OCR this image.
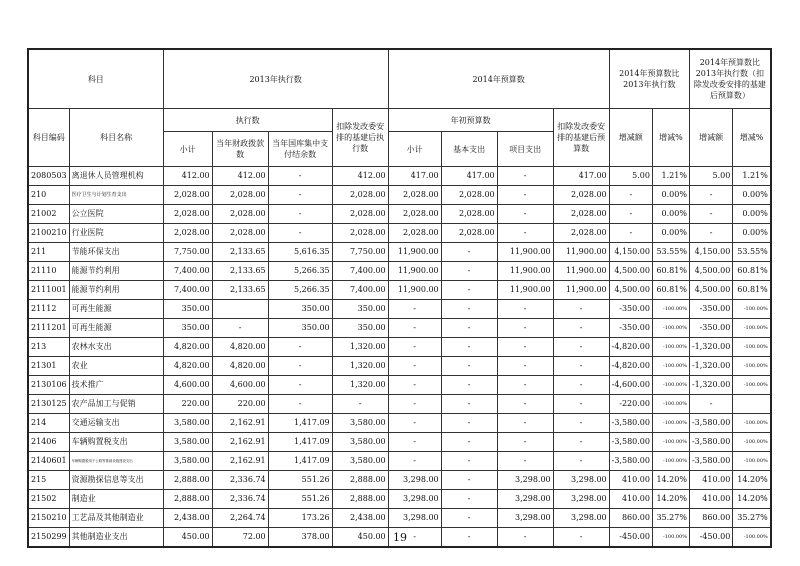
科目		2013年执行数				2014年预算数				2014年预算数比2013年执行数		2014年预算数比2013年执行数（扣除发改委安排的基建后预算数）	
科目编码	科目名称	执行数			扣除发改委安排的基建后执行数	年初预算数			扣除发改委安排的基建后预算数	增减额	增减%	增减额	增减%
		小计	当年财政拨款数	当年国库集中支付结余数		小计	基本支出	项目支出					
2080503	离退休人员管理机构	412.00	412.00	-	412.00	417.00	417.00	-	417.00	5.00	1.21%	5.00	1.21%
210	医疗卫生与计划生育支出	2,028.00	2,028.00	-	2,028.00	2,028.00	2,028.00	-	2,028.00	-	0.00%	-	0.00%
21002	公立医院	2,028.00	2,028.00	-	2,028.00	2,028.00	2,028.00	-	2,028.00	-	0.00%	-	0.00%
2100210	行业医院	2,028.00	2,028.00	-	2,028.00	2,028.00	2,028.00	-	2,028.00	-	0.00%	-	0.00%
211	节能环保支出	7,750.00	2,133.65	5,616.35	7,750.00	11,900.00	-	11,900.00	11,900.00	4,150.00	53.55%	4,150.00	53.55%
21110	能源节约利用	7,400.00	2,133.65	5,266.35	7,400.00	11,900.00	-	11,900.00	11,900.00	4,500.00	60.81%	4,500.00	60.81%
2111001	能源节约利用	7,400.00	2,133.65	5,266.35	7,400.00	11,900.00	-	11,900.00	11,900.00	4,500.00	60.81%	4,500.00	60.81%
21112	可再生能源	350.00		350.00	350.00	-	-	-	-	-350.00	-100.00%	-350.00	-100.00%
2111201	可再生能源	350.00	-	350.00	350.00	-	-	-	-	-350.00	-100.00%	-350.00	-100.00%
213	农林水支出	4,820.00	4,820.00	-	1,320.00	-	-	-	-	-4,820.00	-100.00%	-1,320.00	-100.00%
21301	农业	4,820.00	4,820.00	-	1,320.00	-	-	-	-	-4,820.00	-100.00%	-1,320.00	-100.00%
2130106	技术推广	4,600.00	4,600.00	-	1,320.00	-	-	-	-	-4,600.00	-100.00%	-1,320.00	-100.00%
2130125	农产品加工与促销	220.00	220.00	-	-	-	-	-	-	-220.00	-100.00%	-	
214	交通运输支出	3,580.00	2,162.91	1,417.09	3,580.00	-	-	-	-	-3,580.00	-100.00%	-3,580.00	-100.00%
21406	车辆购置税支出	3,580.00	2,162.91	1,417.09	3,580.00	-	-	-	-	-3,580.00	-100.00%	-3,580.00	-100.00%
2140601	车辆购置税用于公路等基础设施建设支出	3,580.00	2,162.91	1,417.09	3,580.00	-	-	-	-	-3,580.00	-100.00%	-3,580.00	-100.00%
215	资源勘探信息等支出	2,888.00	2,336.74	551.26	2,888.00	3,298.00	-	3,298.00	3,298.00	410.00	14.20%	410.00	14.20%
21502	制造业	2,888.00	2,336.74	551.26	2,888.00	3,298.00	-	3,298.00	3,298.00	410.00	14.20%	410.00	14.20%
2150210	工艺品及其他制造业	2,438.00	2,264.74	173.26	2,438.00	3,298.00	-	3,298.00	3,298.00	860.00	35.27%	860.00	35.27%
2150299	其他制造业支出	450.00	72.00	378.00	450.00	-	-	-	-	-450.00	-100.00%	-450.00	-100.00%
19
